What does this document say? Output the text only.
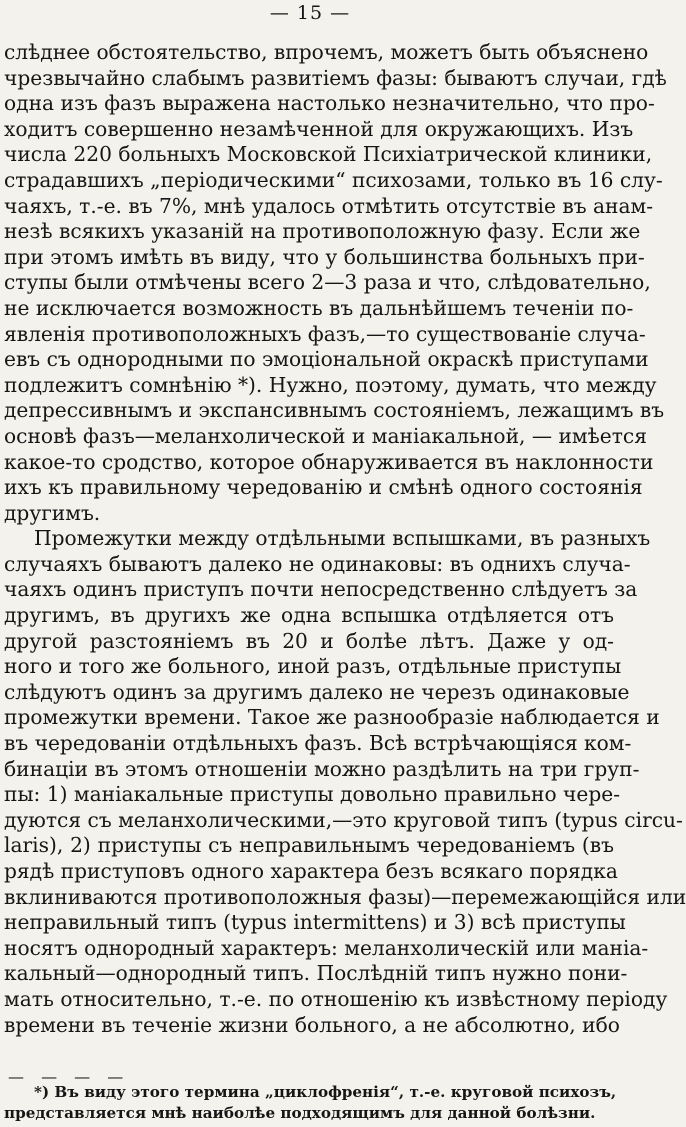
— 15 —
слѣднее обстоятельство, впрочемъ, можетъ быть объяснено
чрезвычайно слабымъ развитіемъ фазы: бываютъ случаи, гдѣ
одна изъ фазъ выражена настолько незначительно, что про-
ходитъ совершенно незамѣченной для окружающихъ. Изъ
числа 220 больныхъ Московской Психіатрической клиники,
страдавшихъ „періодическими“ психозами, только въ 16 слу-
чаяхъ, т.-е. въ 7%, мнѣ удалось отмѣтить отсутствіе въ анам-
незѣ всякихъ указаній на противоположную фазу. Если же
при этомъ имѣть въ виду, что у большинства больныхъ при-
ступы были отмѣчены всего 2—3 раза и что, слѣдовательно,
не исключается возможность въ дальнѣйшемъ теченіи по-
явленія противоположныхъ фазъ,—то существованіе случа-
евъ съ однородными по эмоціональной окраскѣ приступами
подлежитъ сомнѣнію *). Нужно, поэтому, думать, что между
депрессивнымъ и экспансивнымъ состояніемъ, лежащимъ въ
основѣ фазъ—меланхолической и маніакальной, — имѣется
какое-то сродство, которое обнаруживается въ наклонности
ихъ къ правильному чередованію и смѣнѣ одного состоянія
другимъ.
Промежутки между отдѣльными вспышками, въ разныхъ
случаяхъ бываютъ далеко не одинаковы: въ однихъ случа-
чаяхъ одинъ приступъ почти непосредственно слѣдуетъ за
другимъ, въ другихъ же одна вспышка отдѣляется отъ
другой разстояніемъ въ 20 и болѣе лѣтъ. Даже у од-
ного и того же больного, иной разъ, отдѣльные приступы
слѣдуютъ одинъ за другимъ далеко не черезъ одинаковые
промежутки времени. Такое же разнообразіе наблюдается и
въ чередованіи отдѣльныхъ фазъ. Всѣ встрѣчающіяся ком-
бинаціи въ этомъ отношеніи можно раздѣлить на три груп-
пы: 1) маніакальные приступы довольно правильно чере-
дуются съ меланхолическими,—это круговой типъ (typus circu-
laris), 2) приступы съ неправильнымъ чередованіемъ (въ
рядѣ приступовъ одного характера безъ всякаго порядка
вклиниваются противоположныя фазы)—перемежающійся или
неправильный типъ (typus intermittens) и 3) всѣ приступы
носятъ однородный характеръ: меланхолическій или маніа-
кальный—однородный типъ. Послѣдній типъ нужно пони-
мать относительно, т.-е. по отношенію къ извѣстному періоду
времени въ теченіе жизни больного, а не абсолютно, ибо
— — — —
*) Въ виду этого термина „циклофренія“, т.-е. круговой психозъ,
представляется мнѣ наиболѣе подходящимъ для данной болѣзни.
